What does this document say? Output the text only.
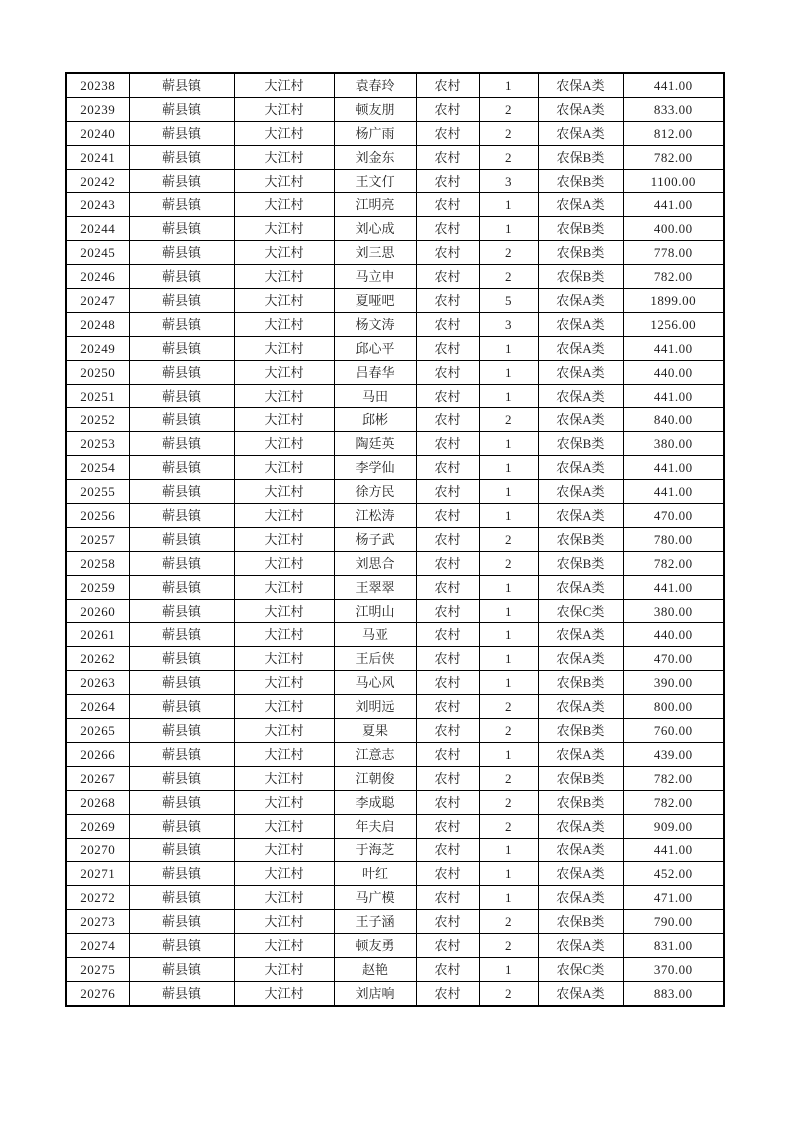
20238	蕲县镇	大江村	袁春玲	农村	1	农保A类	441.00
20239	蕲县镇	大江村	顿友朋	农村	2	农保A类	833.00
20240	蕲县镇	大江村	杨广雨	农村	2	农保A类	812.00
20241	蕲县镇	大江村	刘金东	农村	2	农保B类	782.00
20242	蕲县镇	大江村	王文仃	农村	3	农保B类	1100.00
20243	蕲县镇	大江村	江明亮	农村	1	农保A类	441.00
20244	蕲县镇	大江村	刘心成	农村	1	农保B类	400.00
20245	蕲县镇	大江村	刘三思	农村	2	农保B类	778.00
20246	蕲县镇	大江村	马立申	农村	2	农保B类	782.00
20247	蕲县镇	大江村	夏哑吧	农村	5	农保A类	1899.00
20248	蕲县镇	大江村	杨文涛	农村	3	农保A类	1256.00
20249	蕲县镇	大江村	邱心平	农村	1	农保A类	441.00
20250	蕲县镇	大江村	吕春华	农村	1	农保A类	440.00
20251	蕲县镇	大江村	马田	农村	1	农保A类	441.00
20252	蕲县镇	大江村	邱彬	农村	2	农保A类	840.00
20253	蕲县镇	大江村	陶廷英	农村	1	农保B类	380.00
20254	蕲县镇	大江村	李学仙	农村	1	农保A类	441.00
20255	蕲县镇	大江村	徐方民	农村	1	农保A类	441.00
20256	蕲县镇	大江村	江松涛	农村	1	农保A类	470.00
20257	蕲县镇	大江村	杨子武	农村	2	农保B类	780.00
20258	蕲县镇	大江村	刘思合	农村	2	农保B类	782.00
20259	蕲县镇	大江村	王翠翠	农村	1	农保A类	441.00
20260	蕲县镇	大江村	江明山	农村	1	农保C类	380.00
20261	蕲县镇	大江村	马亚	农村	1	农保A类	440.00
20262	蕲县镇	大江村	王后侠	农村	1	农保A类	470.00
20263	蕲县镇	大江村	马心风	农村	1	农保B类	390.00
20264	蕲县镇	大江村	刘明远	农村	2	农保A类	800.00
20265	蕲县镇	大江村	夏果	农村	2	农保B类	760.00
20266	蕲县镇	大江村	江意志	农村	1	农保A类	439.00
20267	蕲县镇	大江村	江朝俊	农村	2	农保B类	782.00
20268	蕲县镇	大江村	李成聪	农村	2	农保B类	782.00
20269	蕲县镇	大江村	年夫启	农村	2	农保A类	909.00
20270	蕲县镇	大江村	于海芝	农村	1	农保A类	441.00
20271	蕲县镇	大江村	叶红	农村	1	农保A类	452.00
20272	蕲县镇	大江村	马广模	农村	1	农保A类	471.00
20273	蕲县镇	大江村	王子涵	农村	2	农保B类	790.00
20274	蕲县镇	大江村	顿友勇	农村	2	农保A类	831.00
20275	蕲县镇	大江村	赵艳	农村	1	农保C类	370.00
20276	蕲县镇	大江村	刘店响	农村	2	农保A类	883.00
